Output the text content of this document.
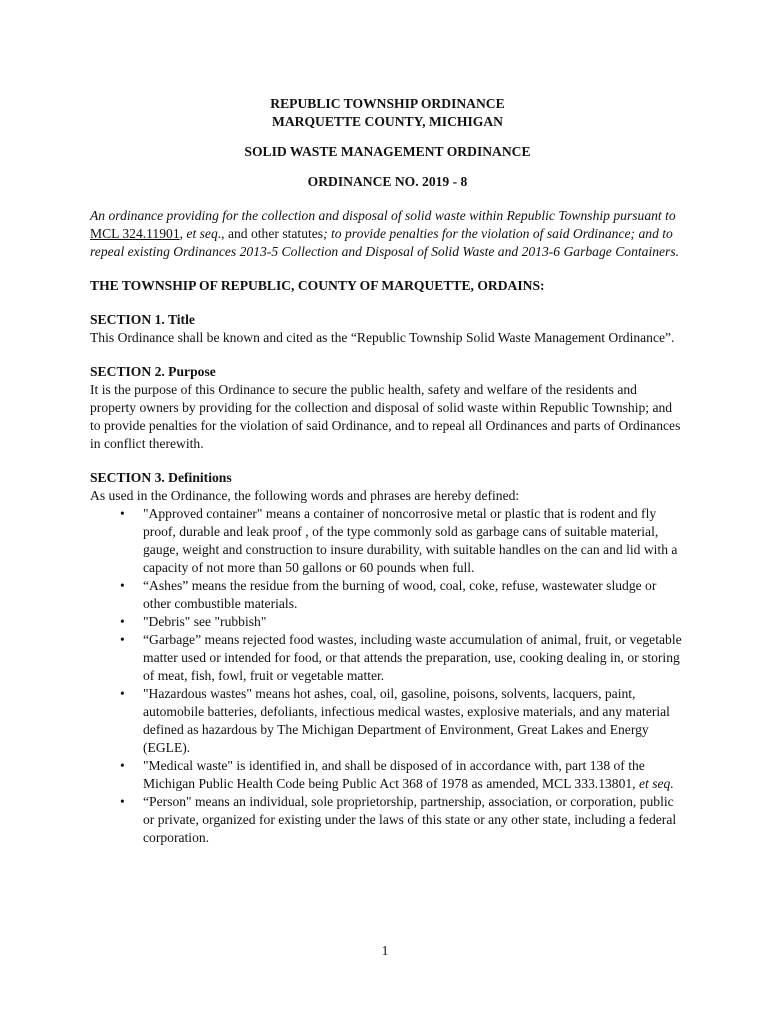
REPUBLIC TOWNSHIP ORDINANCE
MARQUETTE COUNTY, MICHIGAN
SOLID WASTE MANAGEMENT ORDINANCE
ORDINANCE NO. 2019 - 8
An ordinance providing for the collection and disposal of solid waste within Republic Township pursuant to MCL 324.11901, et seq., and other statutes; to provide penalties for the violation of said Ordinance; and to repeal existing Ordinances 2013-5 Collection and Disposal of Solid Waste and 2013-6 Garbage Containers.
THE TOWNSHIP OF REPUBLIC, COUNTY OF MARQUETTE, ORDAINS:
SECTION 1. Title
This Ordinance shall be known and cited as the “Republic Township Solid Waste Management Ordinance”.
SECTION 2. Purpose
It is the purpose of this Ordinance to secure the public health, safety and welfare of the residents and property owners by providing for the collection and disposal of solid waste within Republic Township; and to provide penalties for the violation of said Ordinance, and to repeal all Ordinances and parts of Ordinances in conflict therewith.
SECTION 3. Definitions
As used in the Ordinance, the following words and phrases are hereby defined:
• "Approved container" means a container of noncorrosive metal or plastic that is rodent and fly proof, durable and leak proof , of the type commonly sold as garbage cans of suitable material, gauge, weight and construction to insure durability, with suitable handles on the can and lid with a capacity of not more than 50 gallons or 60 pounds when full.
• “Ashes” means the residue from the burning of wood, coal, coke, refuse, wastewater sludge or other combustible materials.
• "Debris" see "rubbish"
• “Garbage” means rejected food wastes, including waste accumulation of animal, fruit, or vegetable matter used or intended for food, or that attends the preparation, use, cooking dealing in, or storing of meat, fish, fowl, fruit or vegetable matter.
• "Hazardous wastes" means hot ashes, coal, oil, gasoline, poisons, solvents, lacquers, paint, automobile batteries, defoliants, infectious medical wastes, explosive materials, and any material defined as hazardous by The Michigan Department of Environment, Great Lakes and Energy (EGLE).
• "Medical waste" is identified in, and shall be disposed of in accordance with, part 138 of the Michigan Public Health Code being Public Act 368 of 1978 as amended, MCL 333.13801, et seq.
• “Person" means an individual, sole proprietorship, partnership, association, or corporation, public or private, organized for existing under the laws of this state or any other state, including a federal corporation.
1
